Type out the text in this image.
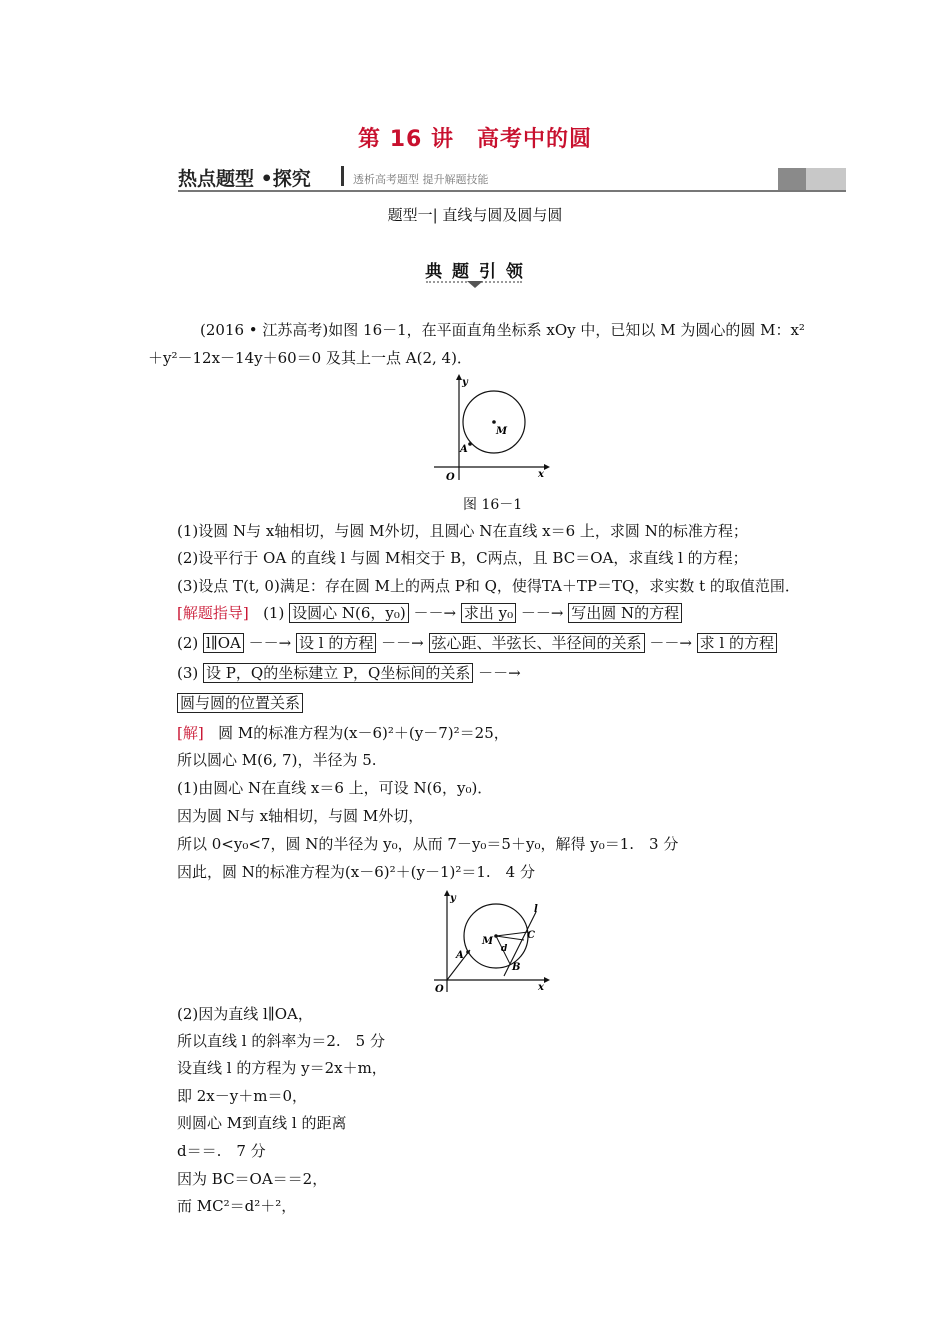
第 16 讲　高考中的圆
热点题型 •探究	透析高考题型 提升解题技能
题型一| 直线与圆及圆与圆
典 题 引 领
(2016 • 江苏高考)如图 16－1，在平面直角坐标系 xOy 中，已知以 M 为圆心的圆 M：x²
＋y²－12x－14y＋60＝0 及其上一点 A(2, 4)．
y
x
O
M
A
图 16－1
(1)设圆 N与 x轴相切，与圆 M外切，且圆心 N在直线 x＝6 上，求圆 N的标准方程；
(2)设平行于 OA 的直线 l 与圆 M相交于 B，C两点，且 BC＝OA，求直线 l 的方程；
(3)设点 T(t, 0)满足：存在圆 M上的两点 P和 Q，使得TA＋TP＝TQ，求实数 t 的取值范围．
[解题指导] (1) 设圆心 N(6，y₀) －－→ 求出 y₀ －－→ 写出圆 N的方程
(2) l∥OA －－→ 设 l 的方程 －－→ 弦心距、半弦长、半径间的关系 －－→ 求 l 的方程
(3) 设 P，Q的坐标建立 P，Q坐标间的关系 －－→
圆与圆的位置关系
[解] 圆 M的标准方程为(x－6)²＋(y－7)²＝25，
所以圆心 M(6, 7)，半径为 5.
(1)由圆心 N在直线 x＝6 上，可设 N(6，y₀)．
因为圆 N与 x轴相切，与圆 M外切，
所以 0<y₀<7，圆 N的半径为 y₀，从而 7－y₀＝5＋y₀，解得 y₀＝1.　3 分
因此，圆 N的标准方程为(x－6)²＋(y－1)²＝1.　4 分
y
x
O
M
A
B
C
d
l
(2)因为直线 l∥OA，
所以直线 l 的斜率为＝2.　5 分
设直线 l 的方程为 y＝2x＋m，
即 2x－y＋m＝0，
则圆心 M到直线 l 的距离
d＝＝.　7 分
因为 BC＝OA＝＝2，
而 MC²＝d²＋²，
